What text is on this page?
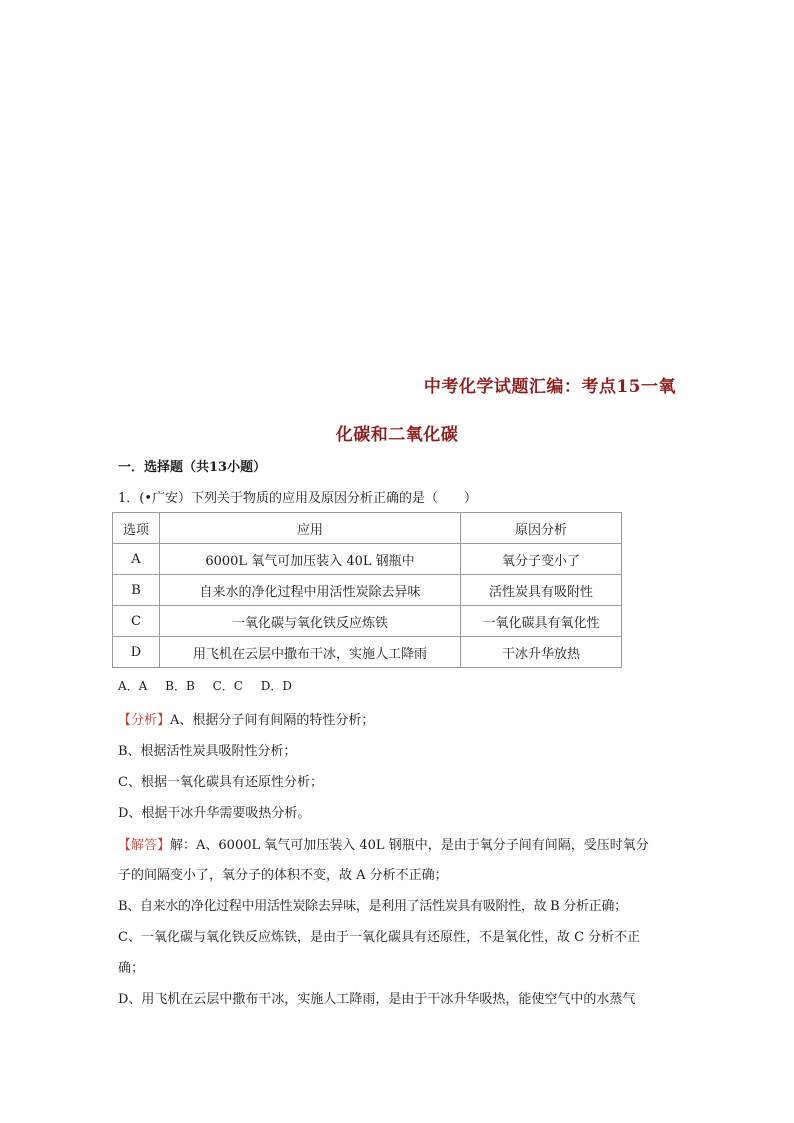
中考化学试题汇编：考点15一氧
化碳和二氧化碳
一．选择题（共13小题）
1．(•广安）下列关于物质的应用及原因分析正确的是（　　）
选项	应用	原因分析
A	6000L 氧气可加压装入 40L 钢瓶中	氧分子变小了
B	自来水的净化过程中用活性炭除去异味	活性炭具有吸附性
C	一氧化碳与氧化铁反应炼铁	一氧化碳具有氧化性
D	用飞机在云层中撒布干冰，实施人工降雨	干冰升华放热
A．A　 B．B　 C．C　 D．D
【分析】A、根据分子间有间隔的特性分析；
B、根据活性炭具吸附性分析；
C、根据一氧化碳具有还原性分析；
D、根据干冰升华需要吸热分析。
【解答】解：A、6000L 氧气可加压装入 40L 钢瓶中，是由于氧分子间有间隔，受压时氧分
子的间隔变小了，氧分子的体积不变，故 A 分析不正确；
B、自来水的净化过程中用活性炭除去异味，是利用了活性炭具有吸附性，故 B 分析正确；
C、一氧化碳与氧化铁反应炼铁，是由于一氧化碳具有还原性，不是氧化性，故 C 分析不正
确；
D、用飞机在云层中撒布干冰，实施人工降雨，是由于干冰升华吸热，能使空气中的水蒸气
